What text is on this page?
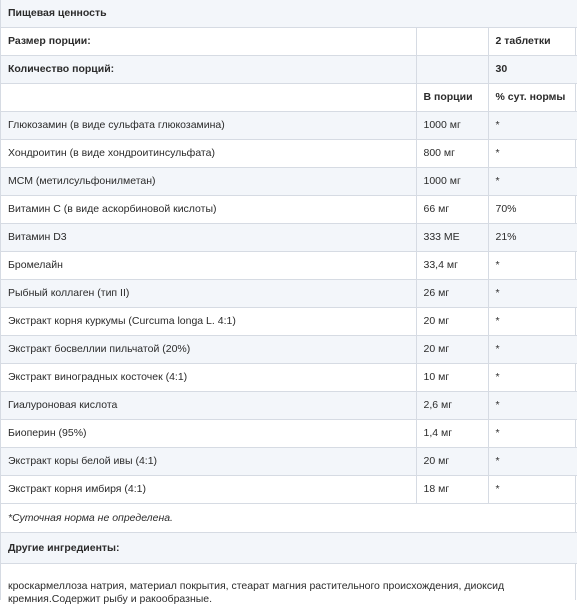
Пищевая ценность		
Размер порции:		2 таблетки
Количество порций:		30
	В порции	% сут. нормы
Глюкозамин (в виде сульфата глюкозамина)	1000 мг	*
Хондроитин (в виде хондроитинсульфата)	800 мг	*
МСМ (метилсульфонилметан)	1000 мг	*
Витамин C (в виде аскорбиновой кислоты)	66 мг	70%
Витамин D3	333 МЕ	21%
Бромелайн	33,4 мг	*
Рыбный коллаген (тип II)	26 мг	*
Экстракт корня куркумы (Curcuma longa L. 4:1)	20 мг	*
Экстракт босвеллии пильчатой (20%)	20 мг	*
Экстракт виноградных косточек (4:1)	10 мг	*
Гиалуроновая кислота	2,6 мг	*
Биоперин (95%)	1,4 мг	*
Экстракт коры белой ивы (4:1)	20 мг	*
Экстракт корня имбиря (4:1)	18 мг	*
*Суточная норма не определена.		
Другие ингредиенты:		
кроскармеллоза натрия, материал покрытия, стеарат магния растительного происхождения, диоксид кремния.Содержит рыбу и ракообразные.		
